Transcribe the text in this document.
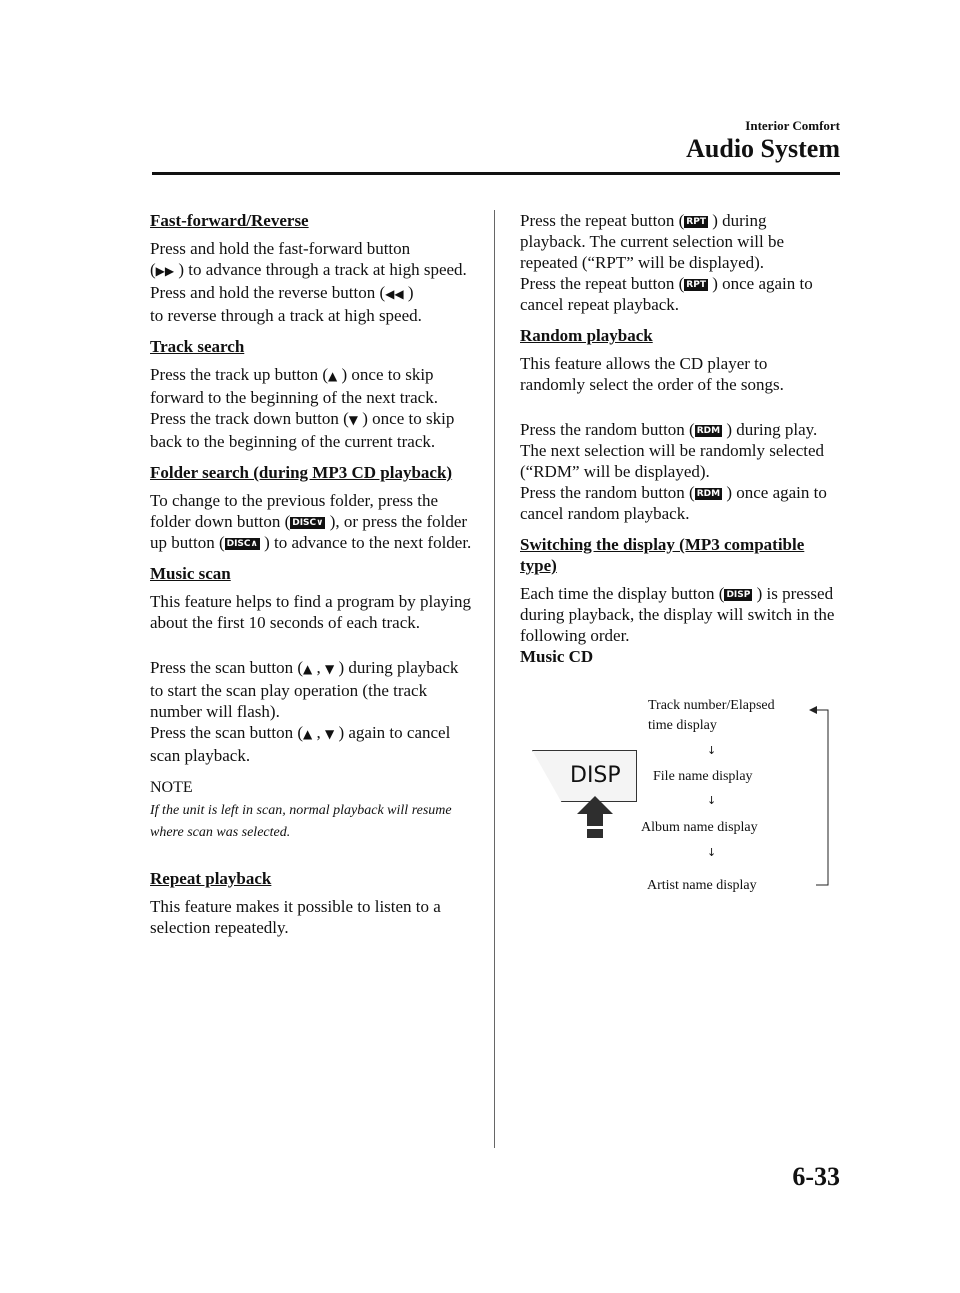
Interior Comfort
Audio System
Fast-forward/Reverse

Press and hold the fast-forward button
(▶▶ ) to advance through a track at high speed.
Press and hold the reverse button (◀◀ )
to reverse through a track at high speed.

Track search

Press the track up button (▲ ) once to skip forward to the beginning of the next track.
Press the track down button (▼ ) once to skip back to the beginning of the current track.

Folder search (during MP3 CD playback)

To change to the previous folder, press the folder down button ( DISC∨ ), or press the folder up button ( DISC∧ ) to advance to the next folder.

Music scan

This feature helps to find a program by playing about the first 10 seconds of each track.

Press the scan button (▲ , ▼ ) during playback to start the scan play operation (the track number will flash).
Press the scan button (▲ , ▼ ) again to cancel scan playback.

NOTE
If the unit is left in scan, normal playback will resume where scan was selected.
Repeat playback

This feature makes it possible to listen to a selection repeatedly.

Press the repeat button ( RPT ) during playback. The current selection will be repeated (“RPT” will be displayed).
Press the repeat button ( RPT ) once again to cancel repeat playback.

Random playback

This feature allows the CD player to randomly select the order of the songs.

Press the random button ( RDM ) during play. The next selection will be randomly selected (“RDM” will be displayed).
Press the random button ( RDM ) once again to cancel random playback.

Switching the display (MP3 compatible type)

Each time the display button ( DISP ) is pressed during playback, the display will switch in the following order.

Music CD
DISP
Track number/Elapsed
time display
↓
File name display
↓
Album name display
↓
Artist name display
6-33
